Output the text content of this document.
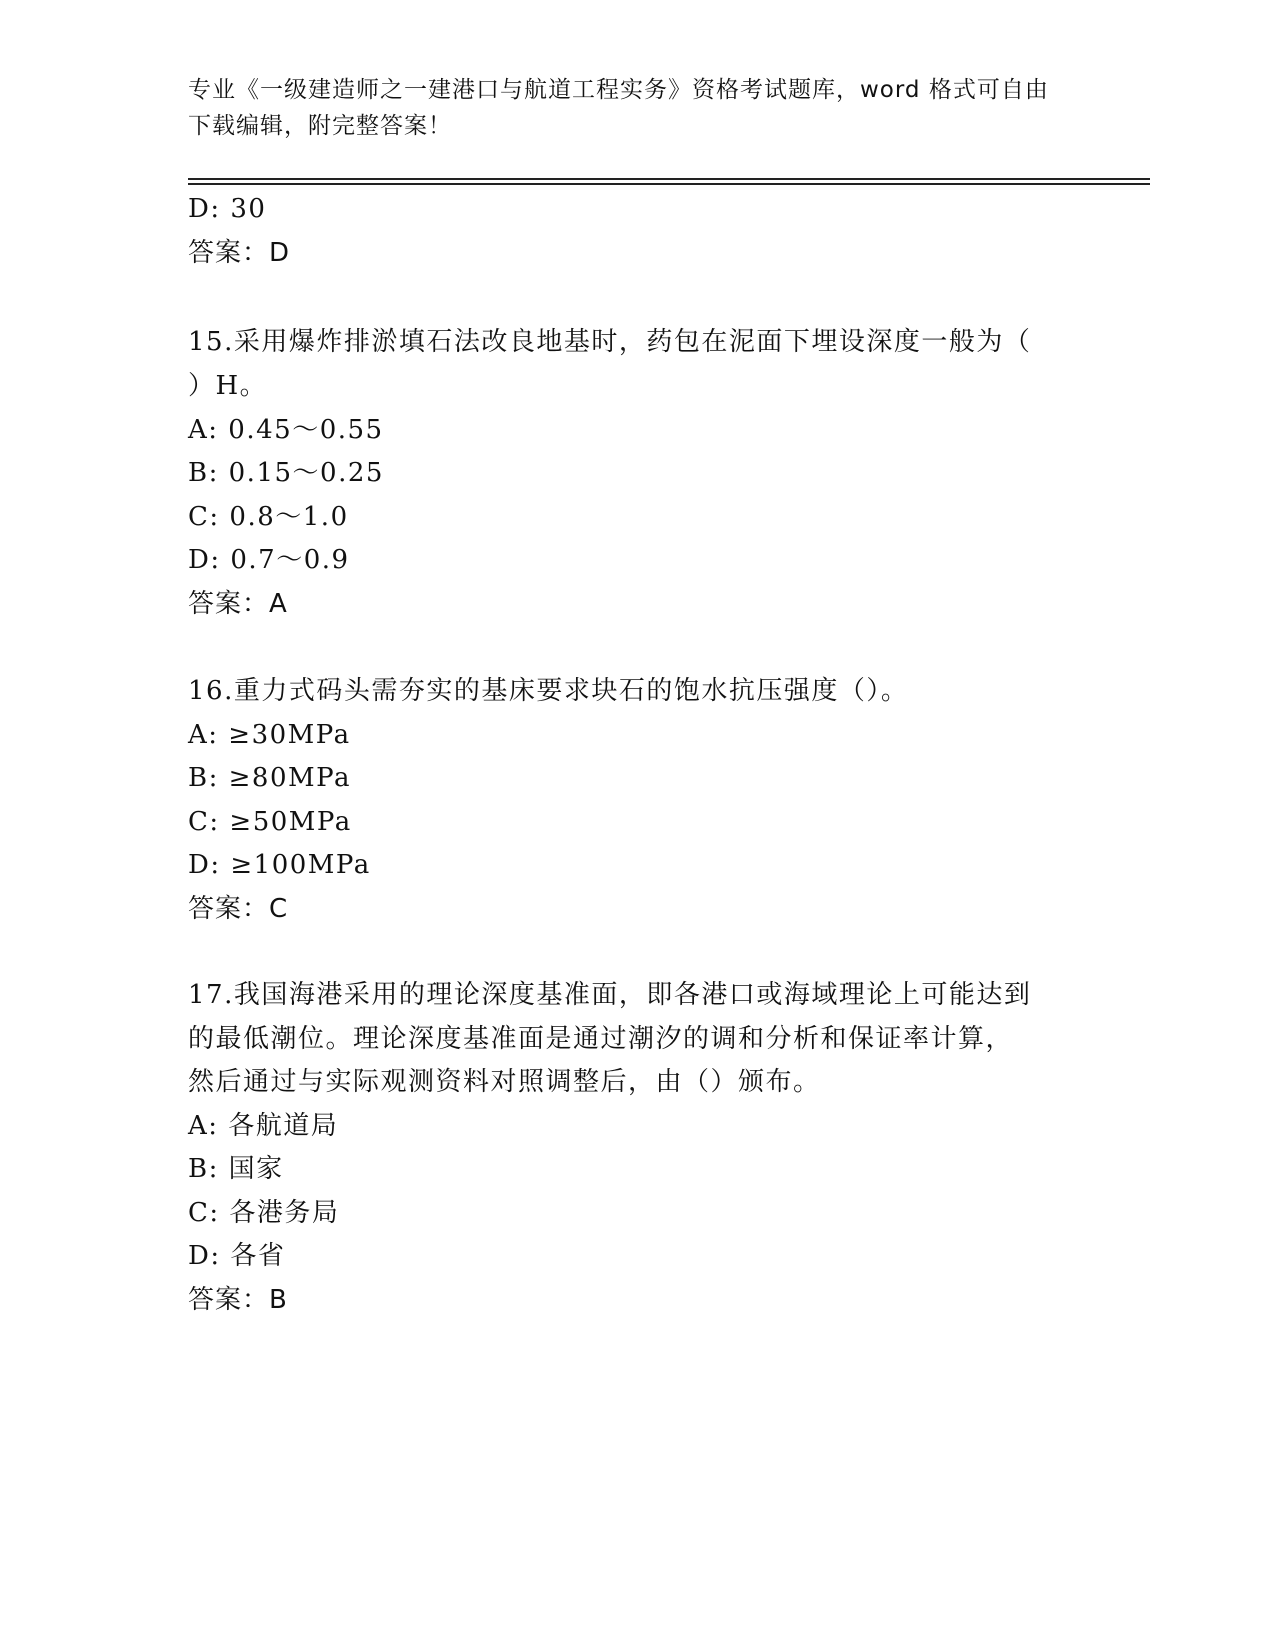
专业《一级建造师之一建港口与航道工程实务》资格考试题库，word 格式可自由
下载编辑，附完整答案！
D: 30
答案：D
15.采用爆炸排淤填石法改良地基时，药包在泥面下埋设深度一般为（
）H。
A: 0.45～0.55
B: 0.15～0.25
C: 0.8～1.0
D: 0.7～0.9
答案：A
16.重力式码头需夯实的基床要求块石的饱水抗压强度（）。
A: ≥30MPa
B: ≥80MPa
C: ≥50MPa
D: ≥100MPa
答案：C
17.我国海港采用的理论深度基准面，即各港口或海域理论上可能达到
的最低潮位。理论深度基准面是通过潮汐的调和分析和保证率计算，
然后通过与实际观测资料对照调整后，由（）颁布。
A: 各航道局
B: 国家
C: 各港务局
D: 各省
答案：B
